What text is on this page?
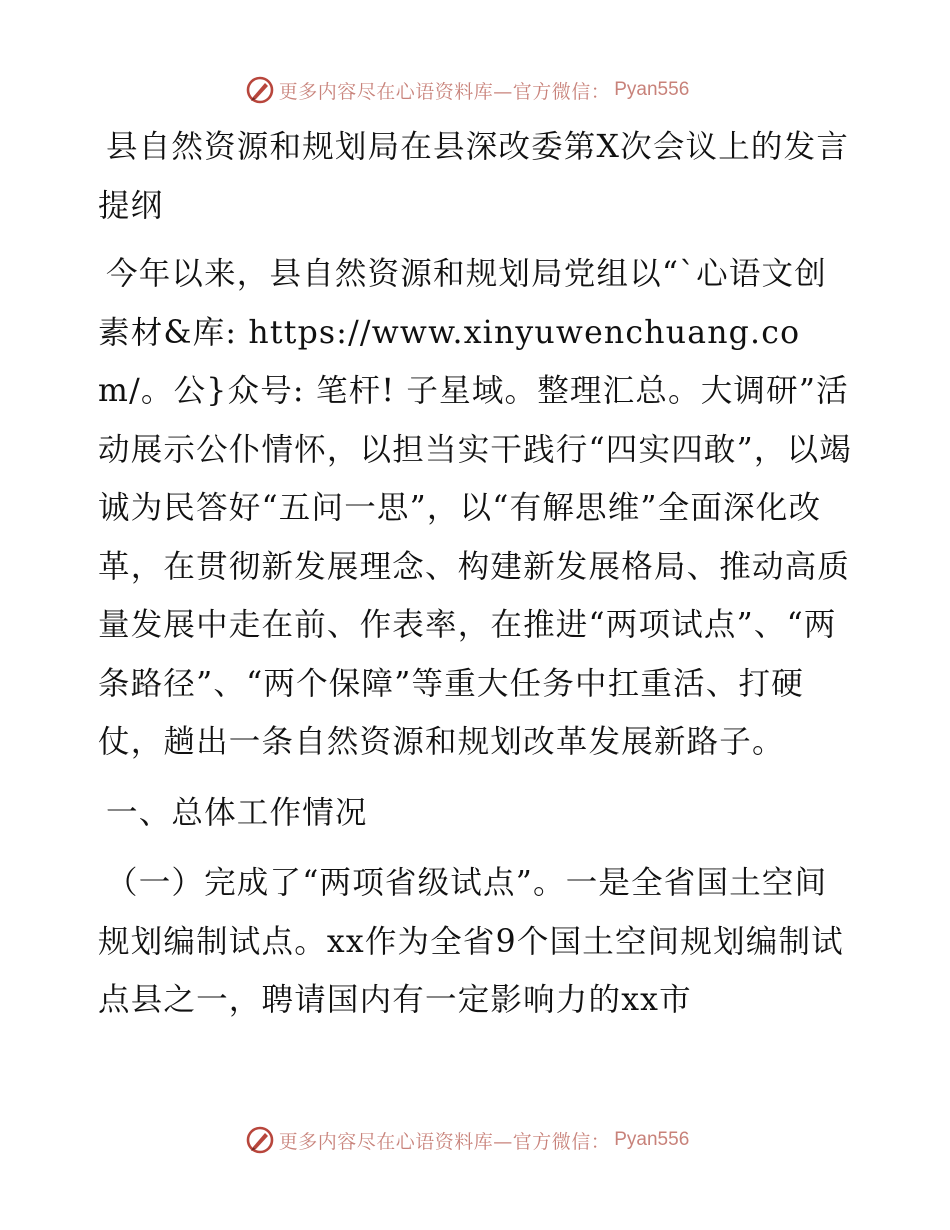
更多内容尽在心语资料库—官方微信： Pyan556

县自然资源和规划局在县深改委第X次会议上的发言提纲

今年以来，县自然资源和规划局党组以“`心语文创素材&库: https://www.xinyuwenchuang.com/。公}众号: 笔杆! 子星域。整理汇总。大调研”活动展示公仆情怀，以担当实干践行“四实四敢”，以竭诚为民答好“五问一思”，以“有解思维”全面深化改革，在贯彻新发展理念、构建新发展格局、推动高质量发展中走在前、作表率，在推进“两项试点”、“两条路径”、“两个保障”等重大任务中扛重活、打硬仗，趟出一条自然资源和规划改革发展新路子。

一、总体工作情况

（一）完成了“两项省级试点”。一是全省国土空间规划编制试点。xx作为全省9个国土空间规划编制试点县之一，聘请国内有一定影响力的xx市

更多内容尽在心语资料库—官方微信： Pyan556
